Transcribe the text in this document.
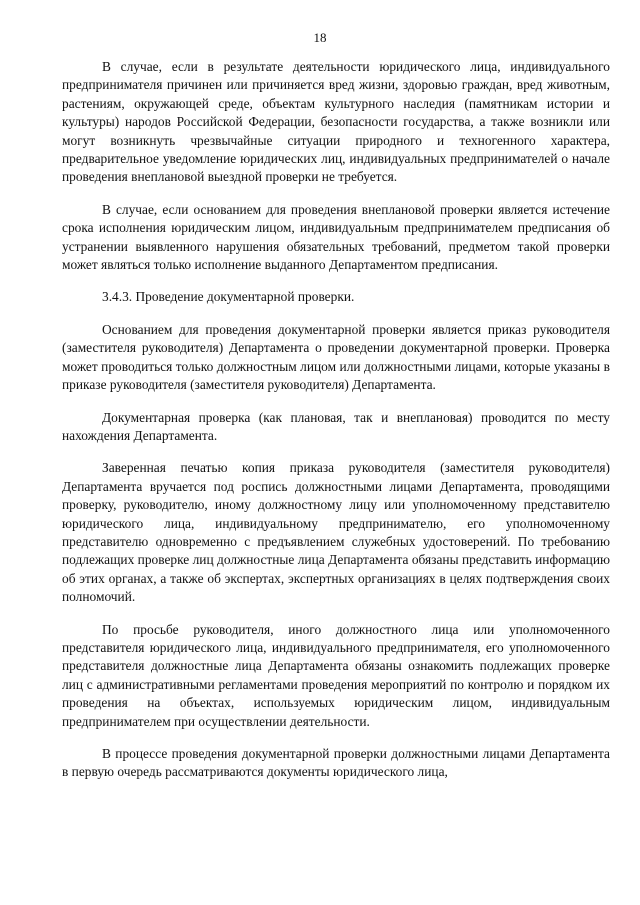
18

В случае, если в результате деятельности юридического лица, индивидуального предпринимателя причинен или причиняется вред жизни, здоровью граждан, вред животным, растениям, окружающей среде, объектам культурного наследия (памятникам истории и культуры) народов Российской Федерации, безопасности государства, а также возникли или могут возникнуть чрезвычайные ситуации природного и техногенного характера, предварительное уведомление юридических лиц, индивидуальных предпринимателей о начале проведения внеплановой выездной проверки не требуется.

В случае, если основанием для проведения внеплановой проверки является истечение срока исполнения юридическим лицом, индивидуальным предпринимателем предписания об устранении выявленного нарушения обязательных требований, предметом такой проверки может являться только исполнение выданного Департаментом предписания.

3.4.3. Проведение документарной проверки.

Основанием для проведения документарной проверки является приказ руководителя (заместителя руководителя) Департамента о проведении документарной проверки. Проверка может проводиться только должностным лицом или должностными лицами, которые указаны в приказе руководителя (заместителя руководителя) Департамента.

Документарная проверка (как плановая, так и внеплановая) проводится по месту нахождения Департамента.

Заверенная печатью копия приказа руководителя (заместителя руководителя) Департамента вручается под роспись должностными лицами Департамента, проводящими проверку, руководителю, иному должностному лицу или уполномоченному представителю юридического лица, индивидуальному предпринимателю, его уполномоченному представителю одновременно с предъявлением служебных удостоверений. По требованию подлежащих проверке лиц должностные лица Департамента обязаны представить информацию об этих органах, а также об экспертах, экспертных организациях в целях подтверждения своих полномочий.

По просьбе руководителя, иного должностного лица или уполномоченного представителя юридического лица, индивидуального предпринимателя, его уполномоченного представителя должностные лица Департамента обязаны ознакомить подлежащих проверке лиц с административными регламентами проведения мероприятий по контролю и порядком их проведения на объектах, используемых юридическим лицом, индивидуальным предпринимателем при осуществлении деятельности.

В процессе проведения документарной проверки должностными лицами Департамента в первую очередь рассматриваются документы юридического лица,
